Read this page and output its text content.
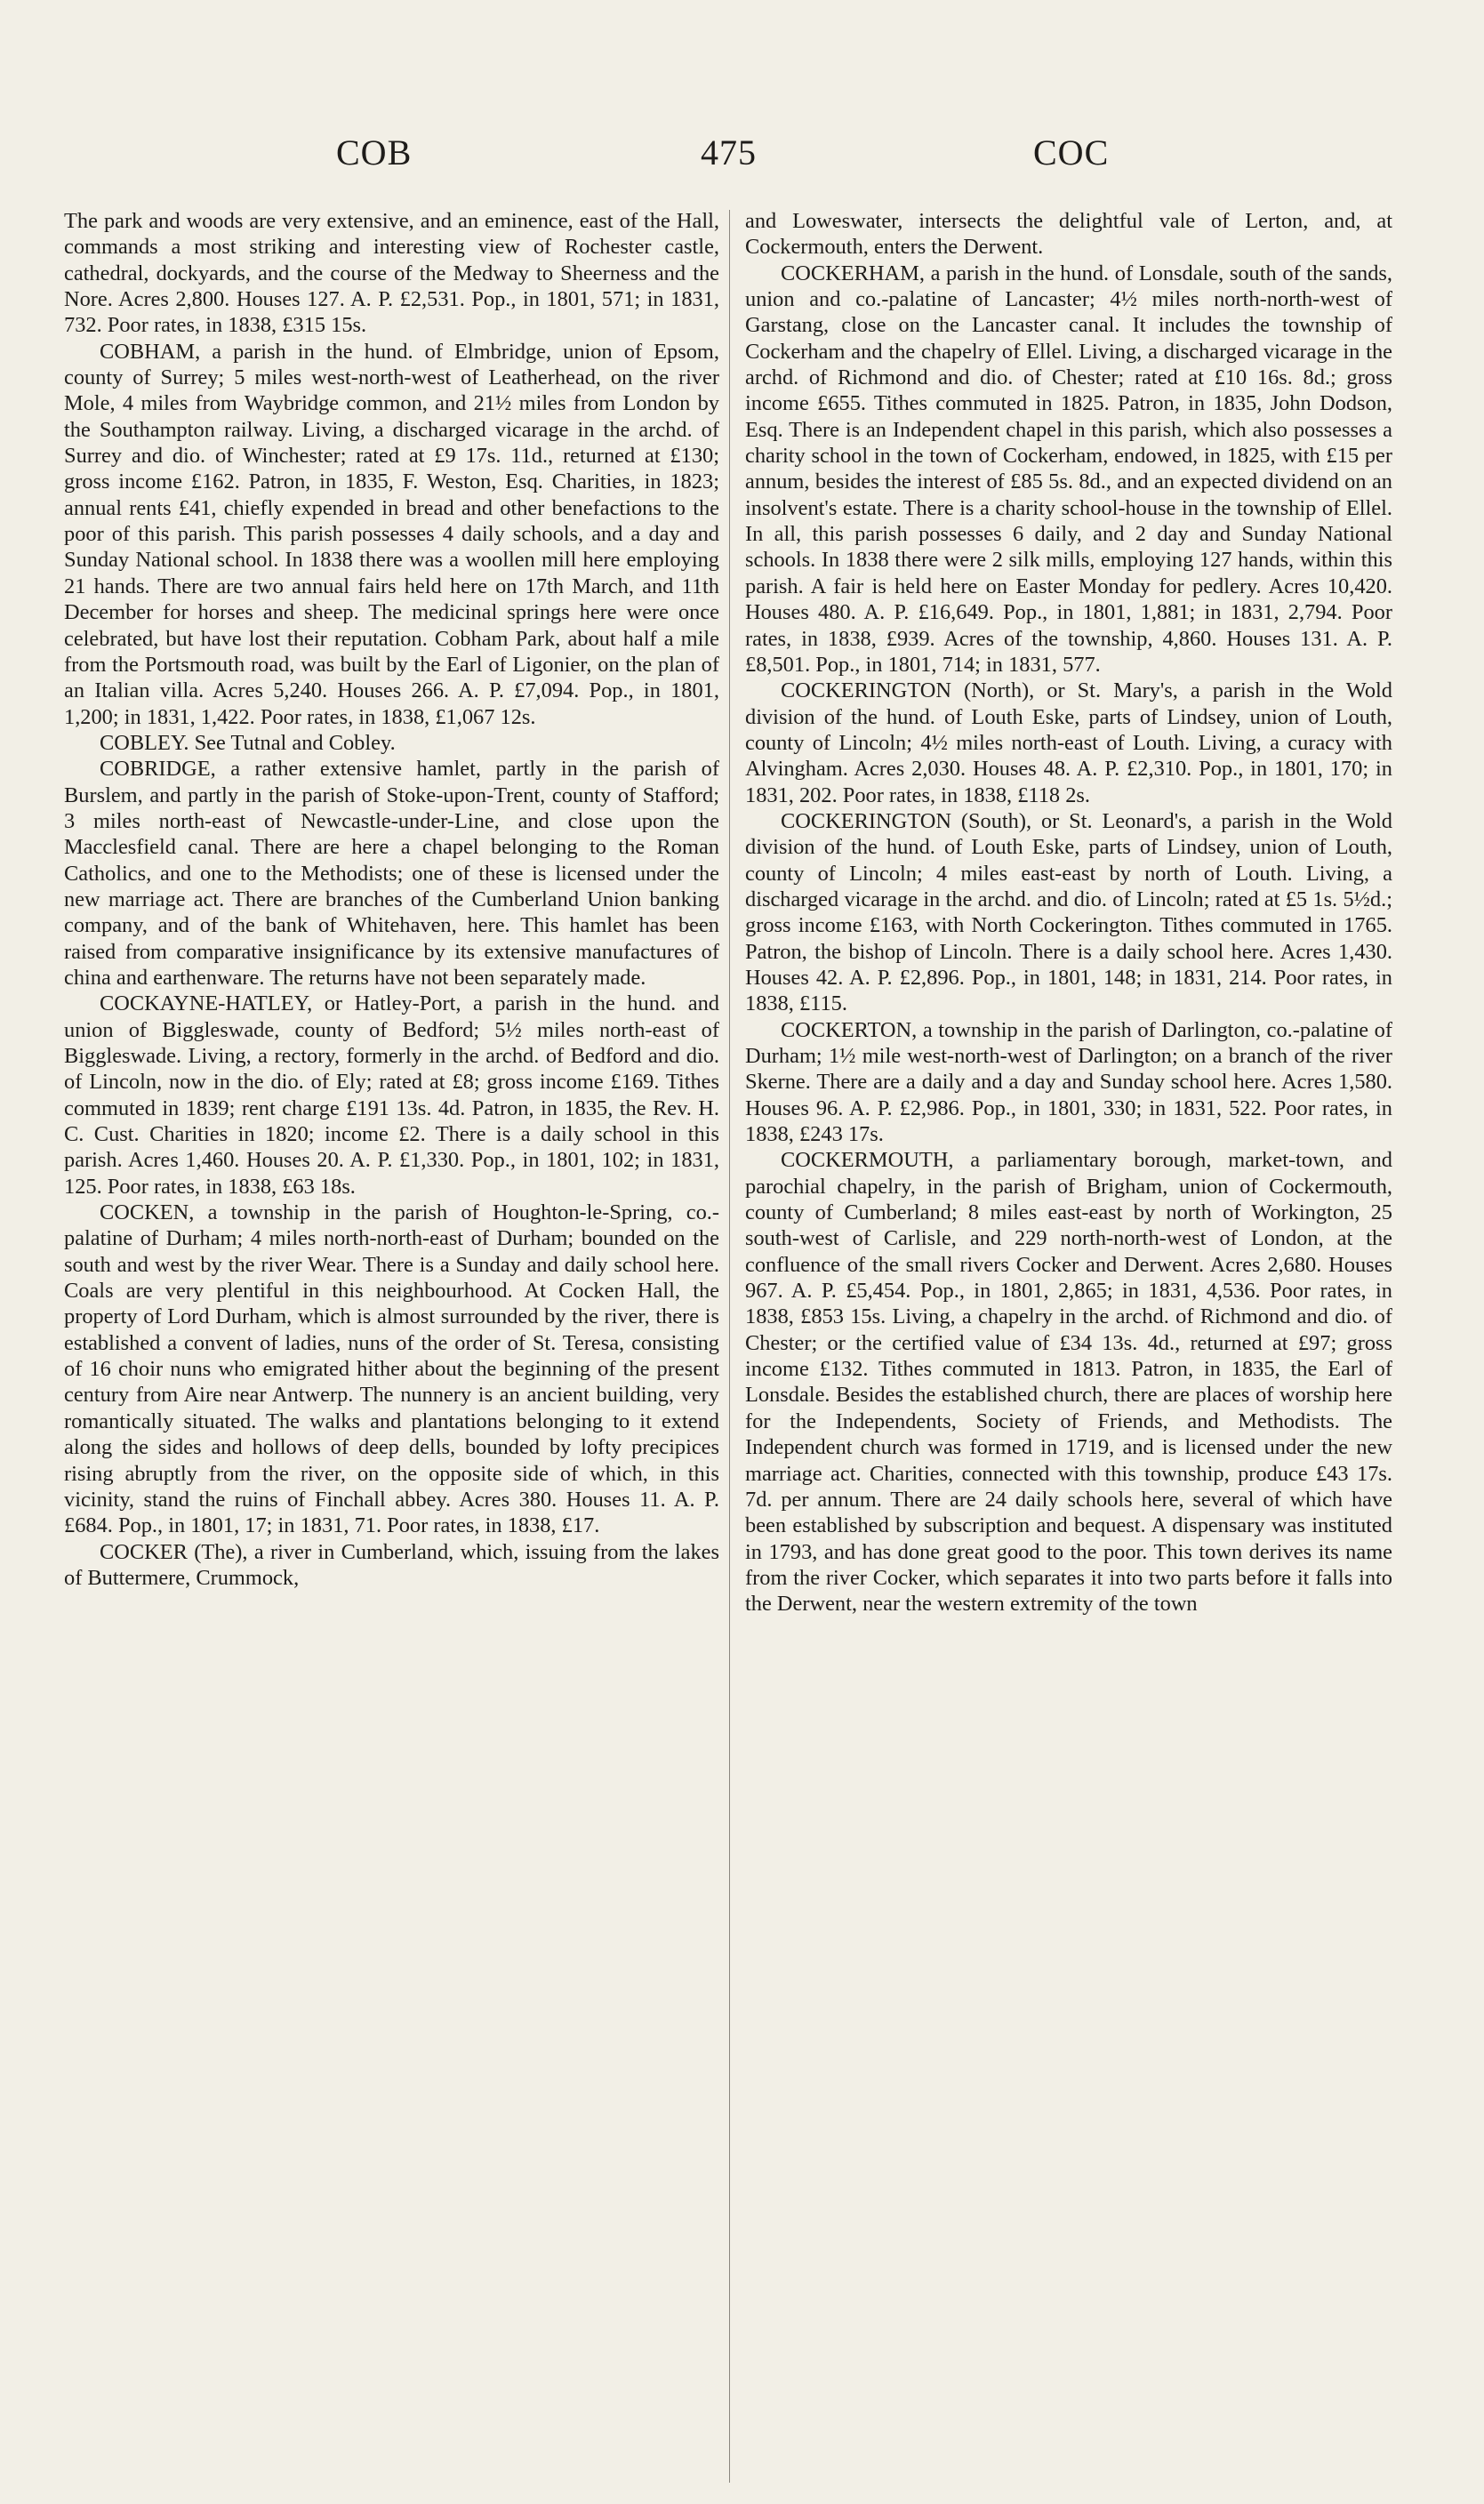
COB	475	COC

The park and woods are very extensive, and an eminence, east of the Hall, commands a most striking and interesting view of Rochester castle, cathedral, dockyards, and the course of the Medway to Sheerness and the Nore. Acres 2,800. Houses 127. A. P. £2,531. Pop., in 1801, 571; in 1831, 732. Poor rates, in 1838, £315 15s.

COBHAM, a parish in the hund. of Elmbridge, union of Epsom, county of Surrey; 5 miles west-north-west of Leatherhead, on the river Mole, 4 miles from Waybridge common, and 21½ miles from London by the Southampton railway. Living, a discharged vicarage in the archd. of Surrey and dio. of Winchester; rated at £9 17s. 11d., returned at £130; gross income £162. Patron, in 1835, F. Weston, Esq. Charities, in 1823; annual rents £41, chiefly expended in bread and other benefactions to the poor of this parish. This parish possesses 4 daily schools, and a day and Sunday National school. In 1838 there was a woollen mill here employing 21 hands. There are two annual fairs held here on 17th March, and 11th December for horses and sheep. The medicinal springs here were once celebrated, but have lost their reputation. Cobham Park, about half a mile from the Portsmouth road, was built by the Earl of Ligonier, on the plan of an Italian villa. Acres 5,240. Houses 266. A. P. £7,094. Pop., in 1801, 1,200; in 1831, 1,422. Poor rates, in 1838, £1,067 12s.

COBLEY. See Tutnal and Cobley.

COBRIDGE, a rather extensive hamlet, partly in the parish of Burslem, and partly in the parish of Stoke-upon-Trent, county of Stafford; 3 miles north-east of Newcastle-under-Line, and close upon the Macclesfield canal. There are here a chapel belonging to the Roman Catholics, and one to the Methodists; one of these is licensed under the new marriage act. There are branches of the Cumberland Union banking company, and of the bank of Whitehaven, here. This hamlet has been raised from comparative insignificance by its extensive manufactures of china and earthenware. The returns have not been separately made.

COCKAYNE-HATLEY, or Hatley-Port, a parish in the hund. and union of Biggleswade, county of Bedford; 5½ miles north-east of Biggleswade. Living, a rectory, formerly in the archd. of Bedford and dio. of Lincoln, now in the dio. of Ely; rated at £8; gross income £169. Tithes commuted in 1839; rent charge £191 13s. 4d. Patron, in 1835, the Rev. H. C. Cust. Charities in 1820; income £2. There is a daily school in this parish. Acres 1,460. Houses 20. A. P. £1,330. Pop., in 1801, 102; in 1831, 125. Poor rates, in 1838, £63 18s.

COCKEN, a township in the parish of Houghton-le-Spring, co.-palatine of Durham; 4 miles north-north-east of Durham; bounded on the south and west by the river Wear. There is a Sunday and daily school here. Coals are very plentiful in this neighbourhood. At Cocken Hall, the property of Lord Durham, which is almost surrounded by the river, there is established a convent of ladies, nuns of the order of St. Teresa, consisting of 16 choir nuns who emigrated hither about the beginning of the present century from Aire near Antwerp. The nunnery is an ancient building, very romantically situated. The walks and plantations belonging to it extend along the sides and hollows of deep dells, bounded by lofty precipices rising abruptly from the river, on the opposite side of which, in this vicinity, stand the ruins of Finchall abbey. Acres 380. Houses 11. A. P. £684. Pop., in 1801, 17; in 1831, 71. Poor rates, in 1838, £17.

COCKER (The), a river in Cumberland, which, issuing from the lakes of Buttermere, Crummock,

and Loweswater, intersects the delightful vale of Lerton, and, at Cockermouth, enters the Derwent.

COCKERHAM, a parish in the hund. of Lonsdale, south of the sands, union and co.-palatine of Lancaster; 4½ miles north-north-west of Garstang, close on the Lancaster canal. It includes the township of Cockerham and the chapelry of Ellel. Living, a discharged vicarage in the archd. of Richmond and dio. of Chester; rated at £10 16s. 8d.; gross income £655. Tithes commuted in 1825. Patron, in 1835, John Dodson, Esq. There is an Independent chapel in this parish, which also possesses a charity school in the town of Cockerham, endowed, in 1825, with £15 per annum, besides the interest of £85 5s. 8d., and an expected dividend on an insolvent's estate. There is a charity school-house in the township of Ellel. In all, this parish possesses 6 daily, and 2 day and Sunday National schools. In 1838 there were 2 silk mills, employing 127 hands, within this parish. A fair is held here on Easter Monday for pedlery. Acres 10,420. Houses 480. A. P. £16,649. Pop., in 1801, 1,881; in 1831, 2,794. Poor rates, in 1838, £939. Acres of the township, 4,860. Houses 131. A. P. £8,501. Pop., in 1801, 714; in 1831, 577.

COCKERINGTON (North), or St. Mary's, a parish in the Wold division of the hund. of Louth Eske, parts of Lindsey, union of Louth, county of Lincoln; 4½ miles north-east of Louth. Living, a curacy with Alvingham. Acres 2,030. Houses 48. A. P. £2,310. Pop., in 1801, 170; in 1831, 202. Poor rates, in 1838, £118 2s.

COCKERINGTON (South), or St. Leonard's, a parish in the Wold division of the hund. of Louth Eske, parts of Lindsey, union of Louth, county of Lincoln; 4 miles east-east by north of Louth. Living, a discharged vicarage in the archd. and dio. of Lincoln; rated at £5 1s. 5½d.; gross income £163, with North Cockerington. Tithes commuted in 1765. Patron, the bishop of Lincoln. There is a daily school here. Acres 1,430. Houses 42. A. P. £2,896. Pop., in 1801, 148; in 1831, 214. Poor rates, in 1838, £115.

COCKERTON, a township in the parish of Darlington, co.-palatine of Durham; 1½ mile west-north-west of Darlington; on a branch of the river Skerne. There are a daily and a day and Sunday school here. Acres 1,580. Houses 96. A. P. £2,986. Pop., in 1801, 330; in 1831, 522. Poor rates, in 1838, £243 17s.

COCKERMOUTH, a parliamentary borough, market-town, and parochial chapelry, in the parish of Brigham, union of Cockermouth, county of Cumberland; 8 miles east-east by north of Workington, 25 south-west of Carlisle, and 229 north-north-west of London, at the confluence of the small rivers Cocker and Derwent. Acres 2,680. Houses 967. A. P. £5,454. Pop., in 1801, 2,865; in 1831, 4,536. Poor rates, in 1838, £853 15s. Living, a chapelry in the archd. of Richmond and dio. of Chester; or the certified value of £34 13s. 4d., returned at £97; gross income £132. Tithes commuted in 1813. Patron, in 1835, the Earl of Lonsdale. Besides the established church, there are places of worship here for the Independents, Society of Friends, and Methodists. The Independent church was formed in 1719, and is licensed under the new marriage act. Charities, connected with this township, produce £43 17s. 7d. per annum. There are 24 daily schools here, several of which have been established by subscription and bequest. A dispensary was instituted in 1793, and has done great good to the poor. This town derives its name from the river Cocker, which separates it into two parts before it falls into the Derwent, near the western extremity of the town
